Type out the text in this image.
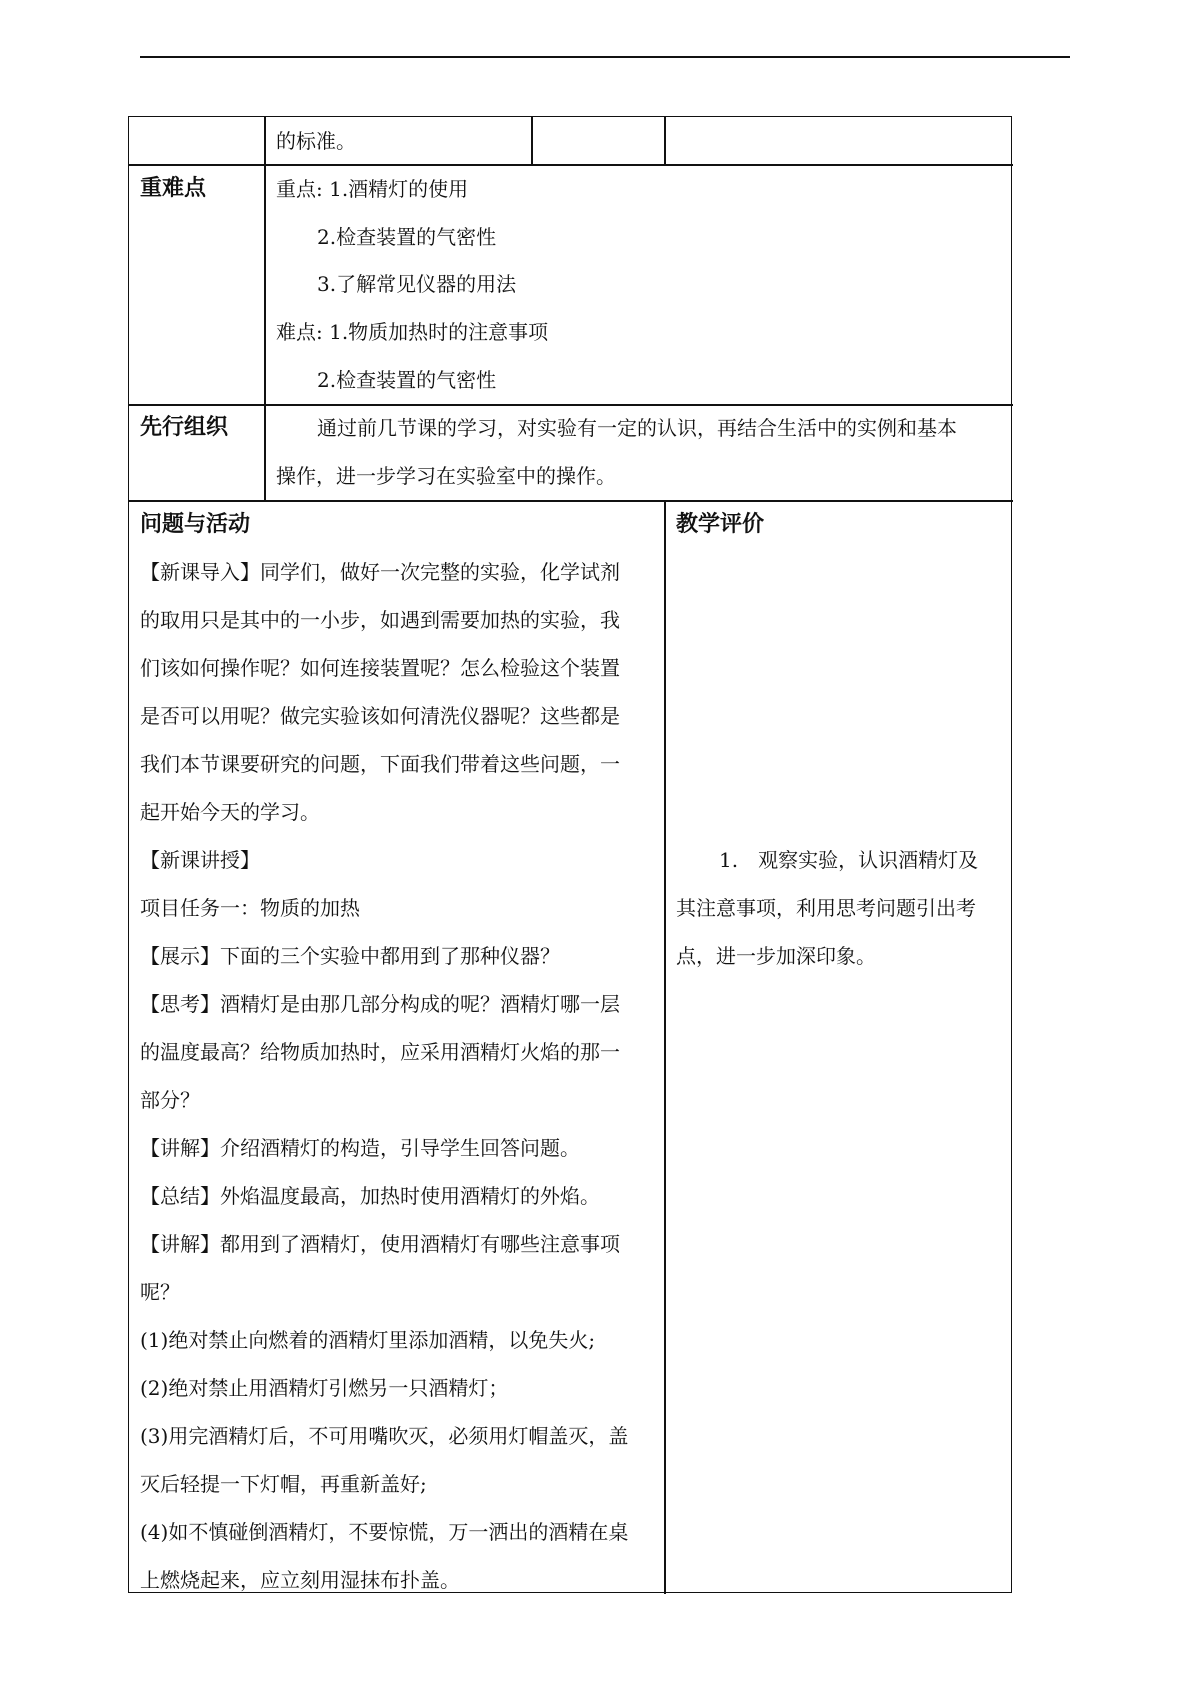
的标准。
重难点	重点: 1.酒精灯的使用
2.检查装置的气密性
3.了解常见仪器的用法
难点: 1.物质加热时的注意事项
2.检查装置的气密性
先行组织	通过前几节课的学习，对实验有一定的认识，再结合生活中的实例和基本
操作，进一步学习在实验室中的操作。
问题与活动
【新课导入】同学们，做好一次完整的实验，化学试剂
的取用只是其中的一小步，如遇到需要加热的实验，我
们该如何操作呢？如何连接装置呢？怎么检验这个装置
是否可以用呢？做完实验该如何清洗仪器呢？这些都是
我们本节课要研究的问题，下面我们带着这些问题，一
起开始今天的学习。
【新课讲授】
项目任务一：物质的加热
【展示】下面的三个实验中都用到了那种仪器？
【思考】酒精灯是由那几部分构成的呢？酒精灯哪一层
的温度最高？给物质加热时，应采用酒精灯火焰的那一
部分？
【讲解】介绍酒精灯的构造，引导学生回答问题。
【总结】外焰温度最高，加热时使用酒精灯的外焰。
【讲解】都用到了酒精灯，使用酒精灯有哪些注意事项
呢？
(1)绝对禁止向燃着的酒精灯里添加酒精，以免失火;
(2)绝对禁止用酒精灯引燃另一只酒精灯；
(3)用完酒精灯后，不可用嘴吹灭，必须用灯帽盖灭，盖
灭后轻提一下灯帽，再重新盖好;
(4)如不慎碰倒酒精灯，不要惊慌，万一洒出的酒精在桌
上燃烧起来，应立刻用湿抹布扑盖。
教学评价
1.　观察实验，认识酒精灯及
其注意事项，利用思考问题引出考
点，进一步加深印象。
